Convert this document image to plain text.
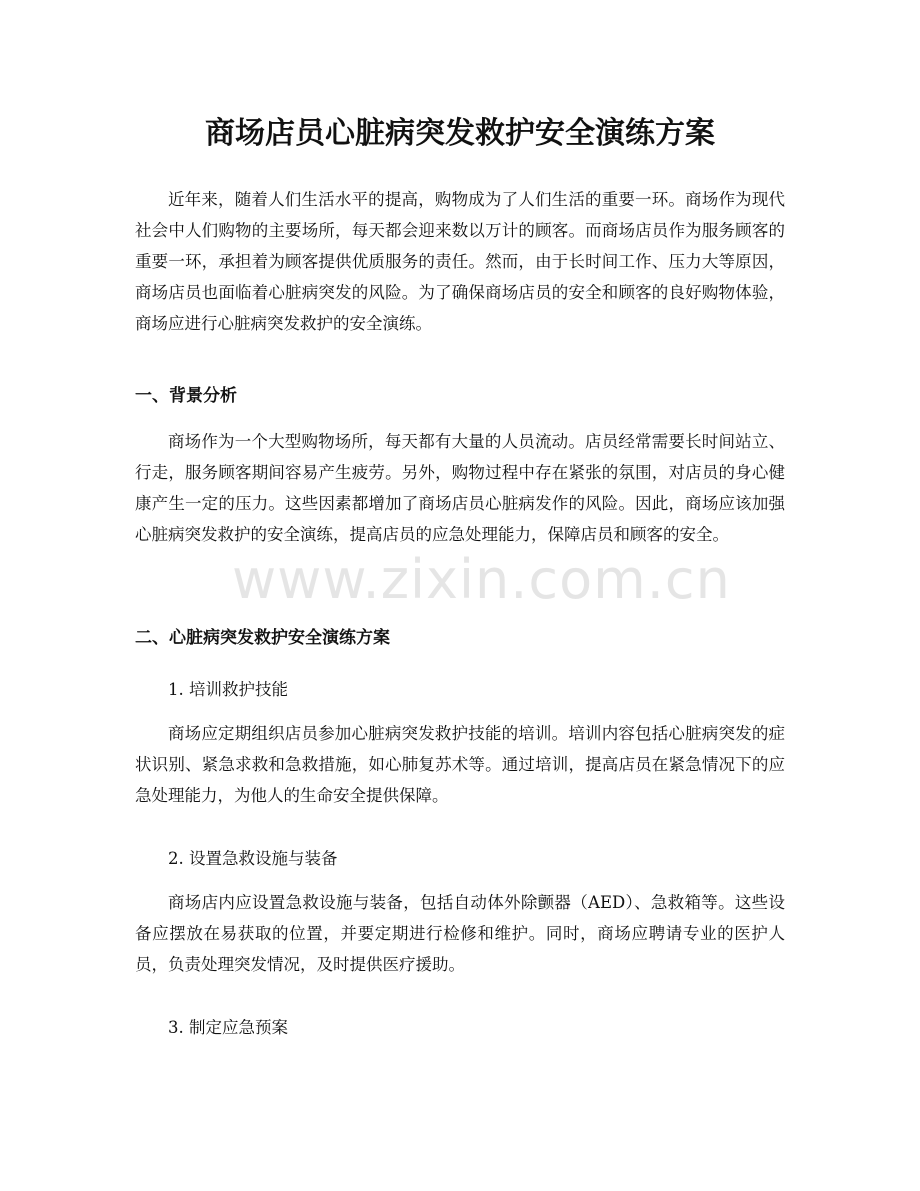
商场店员心脏病突发救护安全演练方案

近年来，随着人们生活水平的提高，购物成为了人们生活的重要一环。商场作为现代社会中人们购物的主要场所，每天都会迎来数以万计的顾客。而商场店员作为服务顾客的重要一环，承担着为顾客提供优质服务的责任。然而，由于长时间工作、压力大等原因，商场店员也面临着心脏病突发的风险。为了确保商场店员的安全和顾客的良好购物体验，商场应进行心脏病突发救护的安全演练。

一、背景分析

商场作为一个大型购物场所，每天都有大量的人员流动。店员经常需要长时间站立、行走，服务顾客期间容易产生疲劳。另外，购物过程中存在紧张的氛围，对店员的身心健康产生一定的压力。这些因素都增加了商场店员心脏病发作的风险。因此，商场应该加强心脏病突发救护的安全演练，提高店员的应急处理能力，保障店员和顾客的安全。

二、心脏病突发救护安全演练方案
1. 培训救护技能

商场应定期组织店员参加心脏病突发救护技能的培训。培训内容包括心脏病突发的症状识别、紧急求救和急救措施，如心肺复苏术等。通过培训，提高店员在紧急情况下的应急处理能力，为他人的生命安全提供保障。

2. 设置急救设施与装备

商场店内应设置急救设施与装备，包括自动体外除颤器（AED）、急救箱等。这些设备应摆放在易获取的位置，并要定期进行检修和维护。同时，商场应聘请专业的医护人员，负责处理突发情况，及时提供医疗援助。

3. 制定应急预案
www.zixin.com.cn
